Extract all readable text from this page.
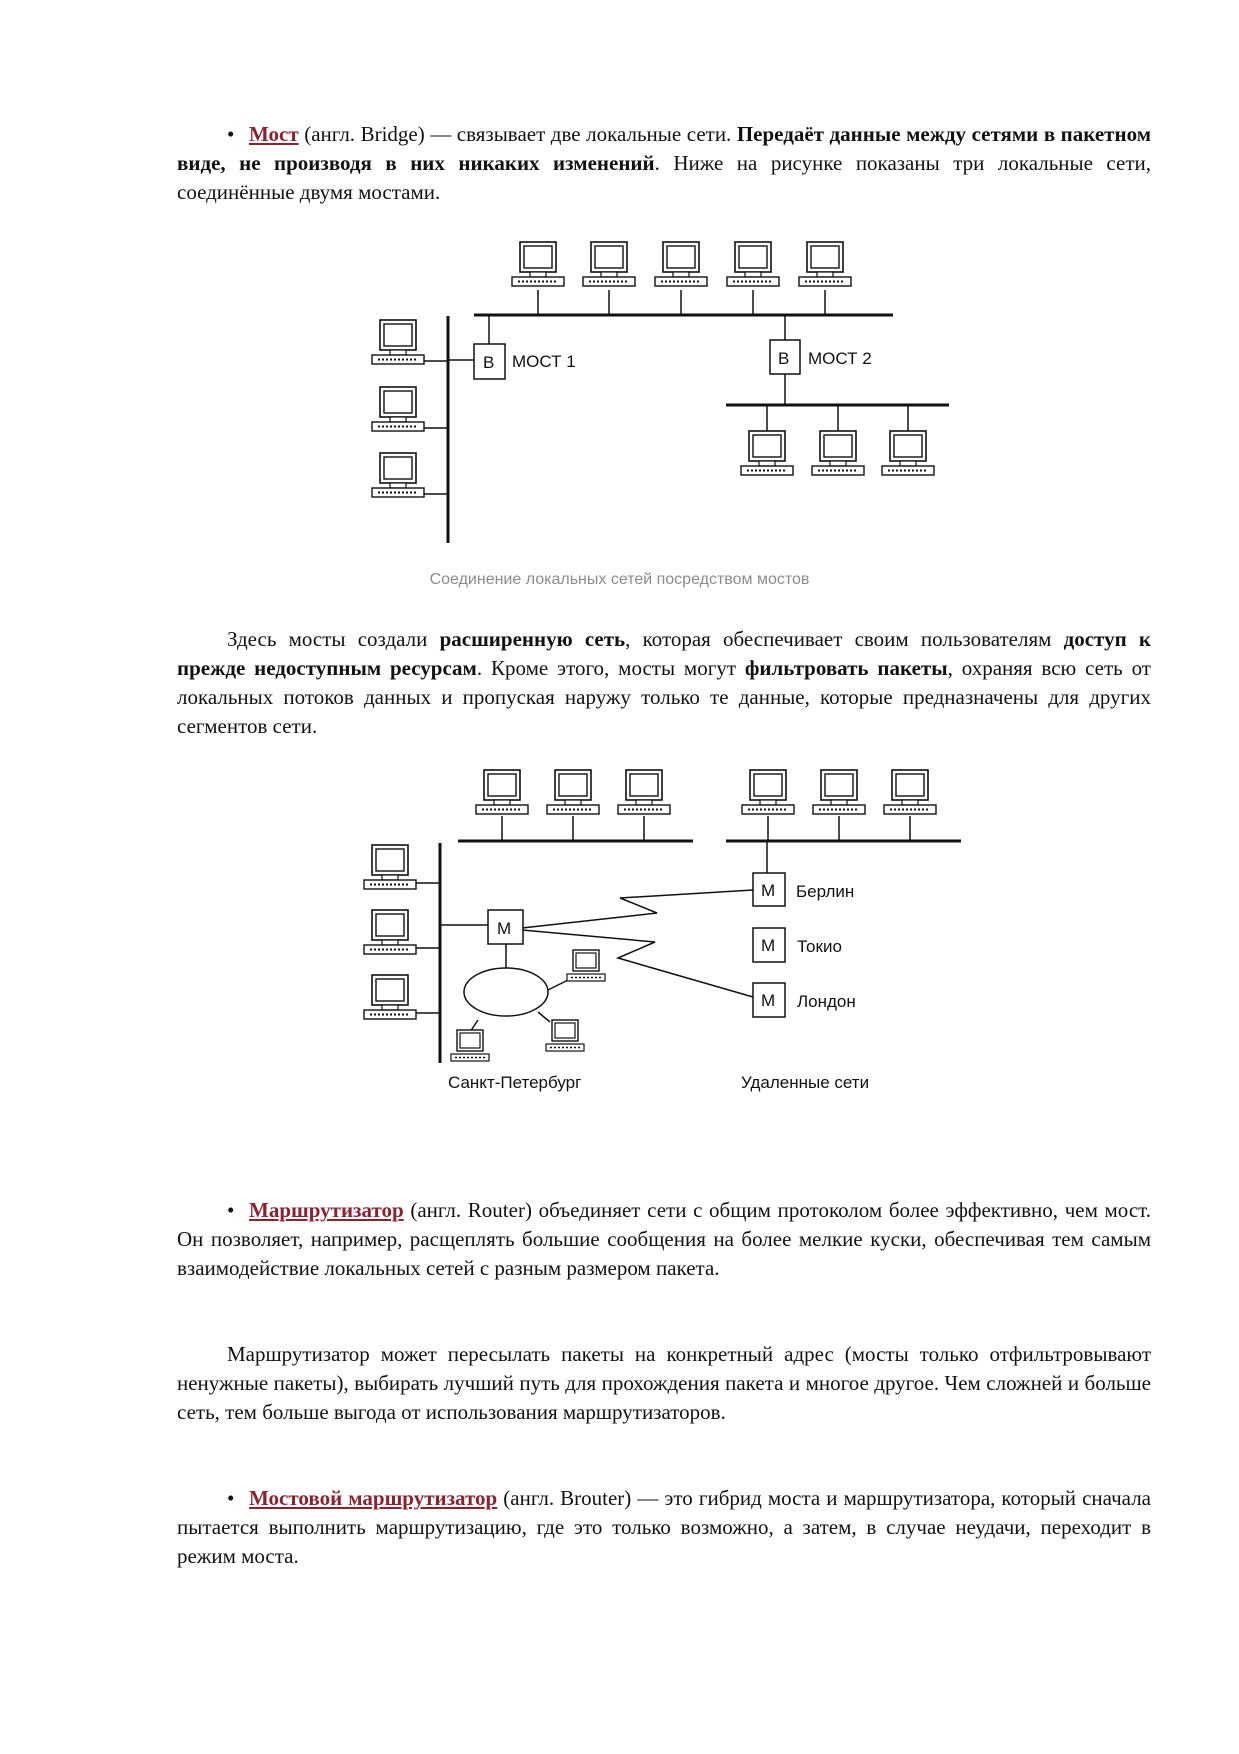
• Мост (англ. Bridge) — связывает две локальные сети. Передаёт данные между сетями в пакетном виде, не производя в них никаких изменений. Ниже на рисунке показаны три локальные сети, соединённые двумя мостами.
B МОСТ 1	B МОСТ 2
M
M
M
M
Берлин
Токио
Лондон
Санкт-Петербург	Удаленные сети
Соединение локальных сетей посредством мостов
Здесь мосты создали расширенную сеть, которая обеспечивает своим пользователям доступ к прежде недоступным ресурсам. Кроме этого, мосты могут фильтровать пакеты, охраняя всю сеть от локальных потоков данных и пропуская наружу только те данные, которые предназначены для других сегментов сети.
• Маршрутизатор (англ. Router) объединяет сети с общим протоколом более эффективно, чем мост. Он позволяет, например, расщеплять большие сообщения на более мелкие куски, обеспечивая тем самым взаимодействие локальных сетей с разным размером пакета.
Маршрутизатор может пересылать пакеты на конкретный адрес (мосты только отфильтровывают ненужные пакеты), выбирать лучший путь для прохождения пакета и многое другое. Чем сложней и больше сеть, тем больше выгода от использования маршрутизаторов.
• Мостовой маршрутизатор (англ. Brouter) — это гибрид моста и маршрутизатора, который сначала пытается выполнить маршрутизацию, где это только возможно, а затем, в случае неудачи, переходит в режим моста.
